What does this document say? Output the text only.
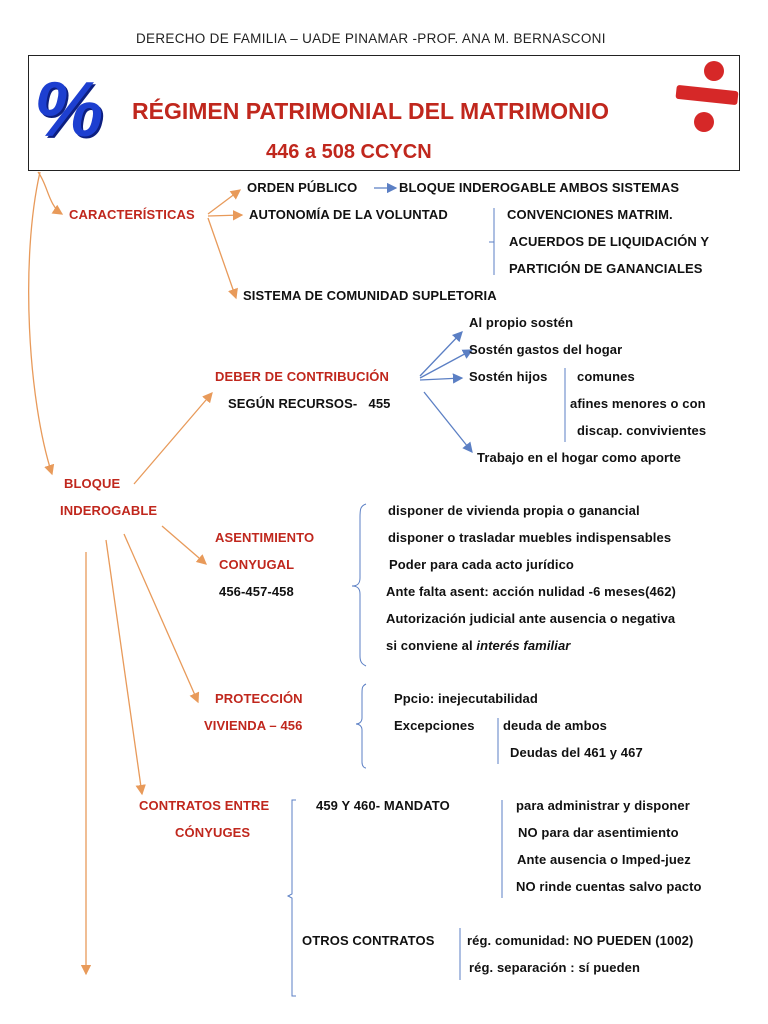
DERECHO DE FAMILIA – UADE PINAMAR -PROF. ANA M. BERNASCONI
% RÉGIMEN PATRIMONIAL DEL MATRIMONIO
446 a 508 CCYCN
CARACTERÍSTICAS
ORDEN PÚBLICO	BLOQUE INDEROGABLE AMBOS SISTEMAS
AUTONOMÍA DE LA VOLUNTAD	CONVENCIONES MATRIM.
ACUERDOS DE LIQUIDACIÓN Y
PARTICIÓN DE GANANCIALES
SISTEMA DE COMUNIDAD SUPLETORIA
Al propio sostén
Sostén gastos del hogar
DEBER DE CONTRIBUCIÓN	Sostén hijos comunes
SEGÚN RECURSOS-   455	afines menores o con
discap. convivientes
Trabajo en el hogar como aporte
BLOQUE
INDEROGABLE	disponer de vivienda propia o ganancial
ASENTIMIENTO	disponer o trasladar muebles indispensables
CONYUGAL	Poder para cada acto jurídico
456-457-458	Ante falta asent: acción nulidad -6 meses(462)
Autorización judicial ante ausencia o negativa
si conviene al interés familiar
PROTECCIÓN	Ppcio: inejecutabilidad
VIVIENDA – 456	Excepciones deuda de ambos
Deudas del 461 y 467
CONTRATOS ENTRE	459 Y 460- MANDATO	para administrar y disponer
CÓNYUGES	NO para dar asentimiento
Ante ausencia o Imped-juez
NO rinde cuentas salvo pacto
OTROS CONTRATOS	rég. comunidad: NO PUEDEN (1002)
rég. separación : sí pueden
